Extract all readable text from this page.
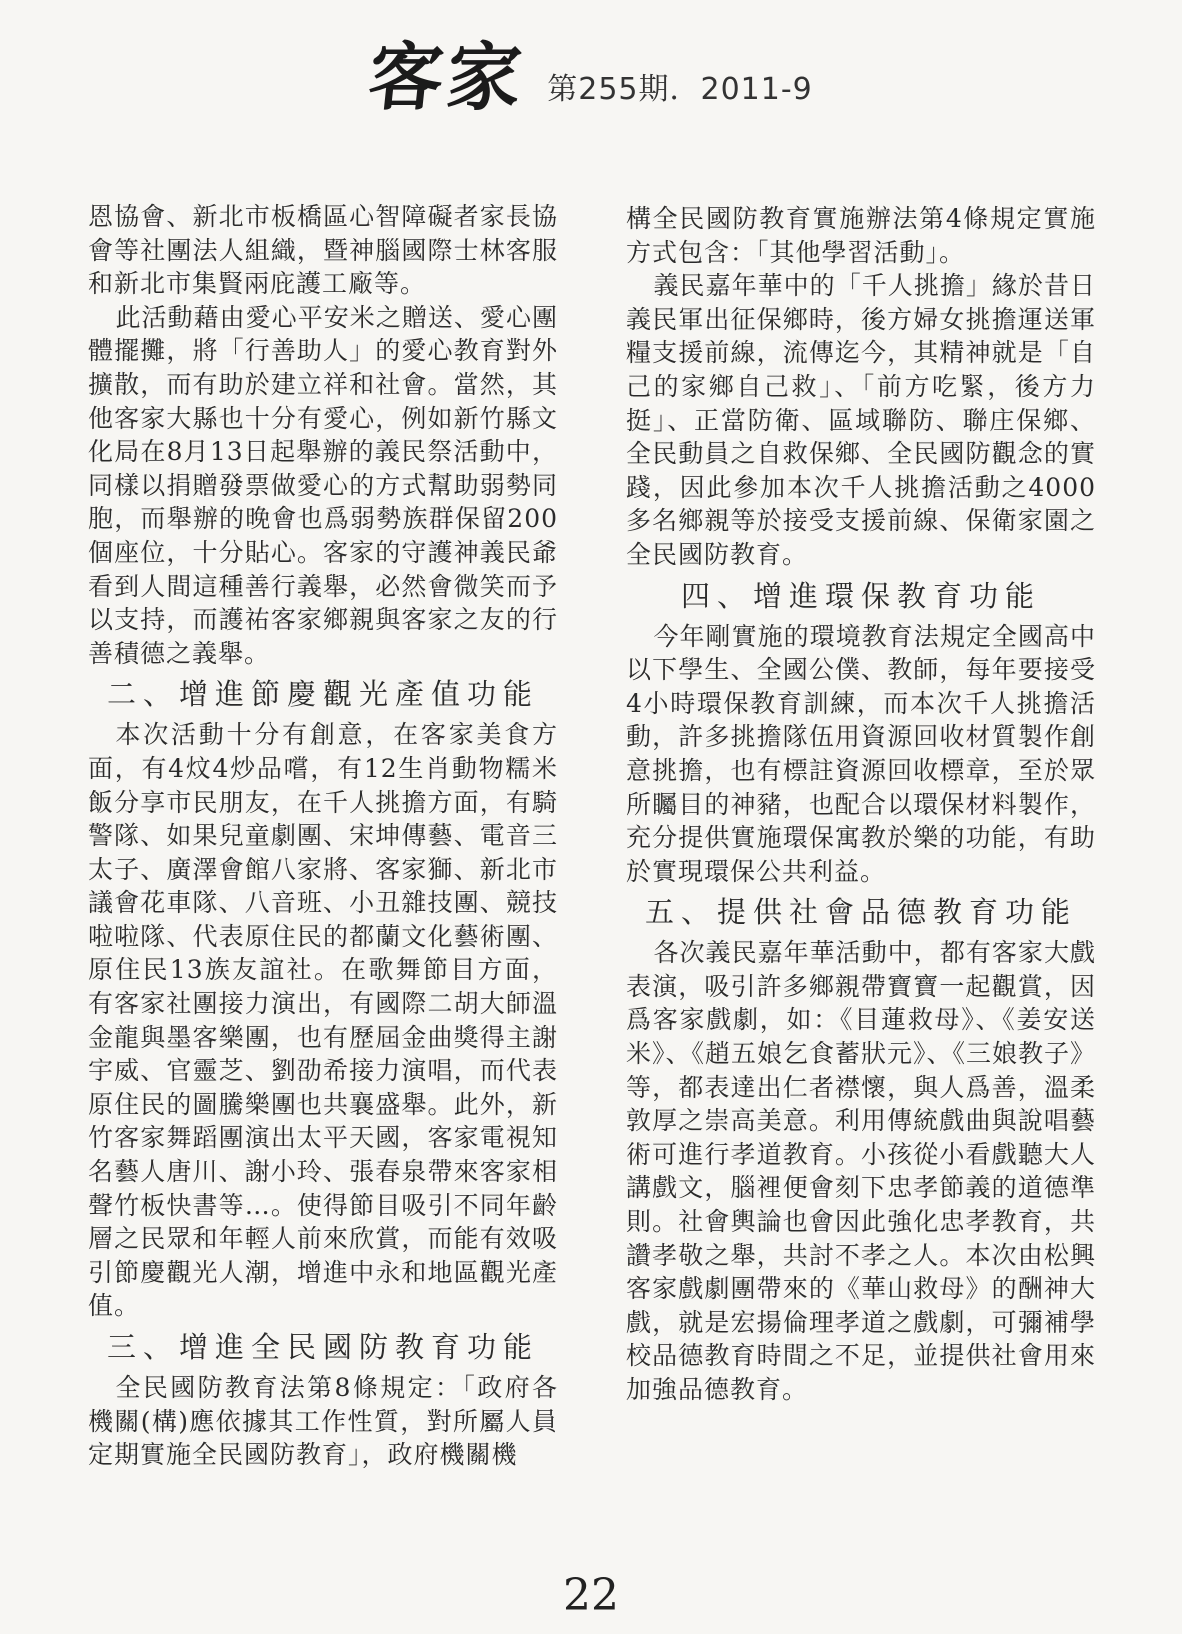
客家 第255期．2011-9

恩協會、新北市板橋區心智障礙者家長協會等社團法人組織，暨神腦國際士林客服和新北市集賢兩庇護工廠等。

此活動藉由愛心平安米之贈送、愛心團體擺攤，將「行善助人」的愛心教育對外擴散，而有助於建立祥和社會。當然，其他客家大縣也十分有愛心，例如新竹縣文化局在8月13日起舉辦的義民祭活動中，同樣以捐贈發票做愛心的方式幫助弱勢同胞，而舉辦的晚會也爲弱勢族群保留200個座位，十分貼心。客家的守護神義民爺看到人間這種善行義舉，必然會微笑而予以支持，而護祐客家鄉親與客家之友的行善積德之義舉。

二、增進節慶觀光產值功能

本次活動十分有創意，在客家美食方面，有4炆4炒品嚐，有12生肖動物糯米飯分享市民朋友，在千人挑擔方面，有騎警隊、如果兒童劇團、宋坤傳藝、電音三太子、廣澤會館八家將、客家獅、新北市議會花車隊、八音班、小丑雜技團、競技啦啦隊、代表原住民的都蘭文化藝術團、原住民13族友誼社。在歌舞節目方面，有客家社團接力演出，有國際二胡大師溫金龍與墨客樂團，也有歷屆金曲獎得主謝宇威、官靈芝、劉劭希接力演唱，而代表原住民的圖騰樂團也共襄盛舉。此外，新竹客家舞蹈團演出太平天國，客家電視知名藝人唐川、謝小玲、張春泉帶來客家相聲竹板快書等…。使得節目吸引不同年齡層之民眾和年輕人前來欣賞，而能有效吸引節慶觀光人潮，增進中永和地區觀光產值。

三、增進全民國防教育功能

全民國防教育法第8條規定：「政府各機關(構)應依據其工作性質，對所屬人員定期實施全民國防教育」，政府機關機

構全民國防教育實施辦法第4條規定實施方式包含：「其他學習活動」。

義民嘉年華中的「千人挑擔」緣於昔日義民軍出征保鄉時，後方婦女挑擔運送軍糧支援前線，流傳迄今，其精神就是「自己的家鄉自己救」、「前方吃緊，後方力挺」、正當防衛、區域聯防、聯庄保鄉、全民動員之自救保鄉、全民國防觀念的實踐，因此參加本次千人挑擔活動之4000多名鄉親等於接受支援前線、保衛家園之全民國防教育。

四、增進環保教育功能

今年剛實施的環境教育法規定全國高中以下學生、全國公僕、教師，每年要接受4小時環保教育訓練，而本次千人挑擔活動，許多挑擔隊伍用資源回收材質製作創意挑擔，也有標註資源回收標章，至於眾所矚目的神豬，也配合以環保材料製作，充分提供實施環保寓教於樂的功能，有助於實現環保公共利益。

五、提供社會品德教育功能

各次義民嘉年華活動中，都有客家大戲表演，吸引許多鄉親帶寶寶一起觀賞，因爲客家戲劇，如：《目蓮救母》、《姜安送米》、《趙五娘乞食蓄狀元》、《三娘教子》等，都表達出仁者襟懷，與人爲善，溫柔敦厚之崇高美意。利用傳統戲曲與說唱藝術可進行孝道教育。小孩從小看戲聽大人講戲文，腦裡便會刻下忠孝節義的道德準則。社會輿論也會因此強化忠孝教育，共讚孝敬之舉，共討不孝之人。本次由松興客家戲劇團帶來的《華山救母》的酬神大戲，就是宏揚倫理孝道之戲劇，可彌補學校品德教育時間之不足，並提供社會用來加強品德教育。

22
